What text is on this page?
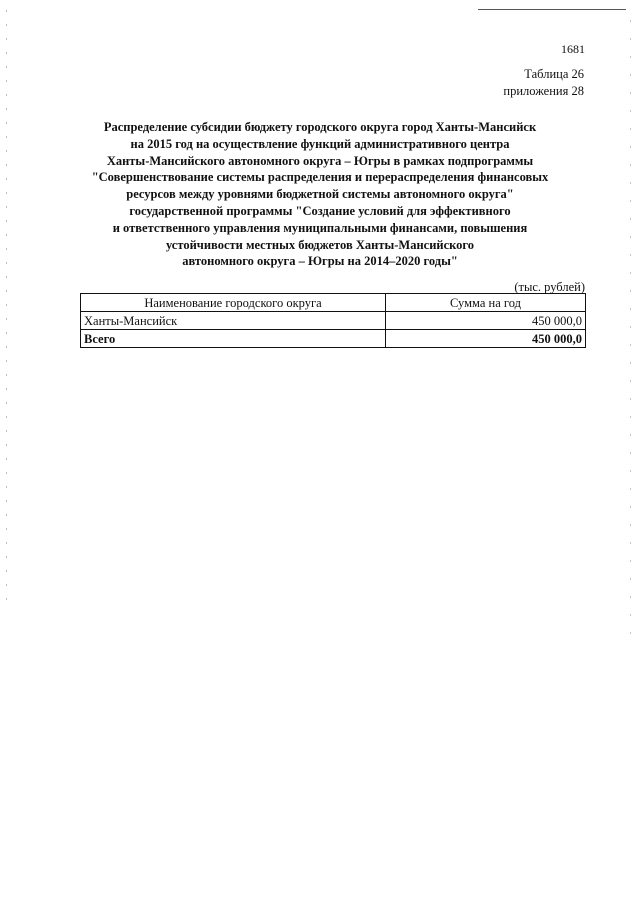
1681
Таблица 26
приложения 28
Распределение субсидии бюджету городского округа город Ханты-Мансийск
на 2015 год на осуществление функций административного центра
Ханты-Мансийского автономного округа – Югры в рамках подпрограммы
"Совершенствование системы распределения и перераспределения финансовых
ресурсов между уровнями бюджетной системы автономного округа"
государственной программы "Создание условий для эффективного
и ответственного управления муниципальными финансами, повышения
устойчивости местных бюджетов Ханты-Мансийского
автономного округа – Югры на 2014–2020 годы"
(тыс. рублей)
Наименование городского округа	Сумма на год
Ханты-Мансийск	450 000,0
Всего	450 000,0
